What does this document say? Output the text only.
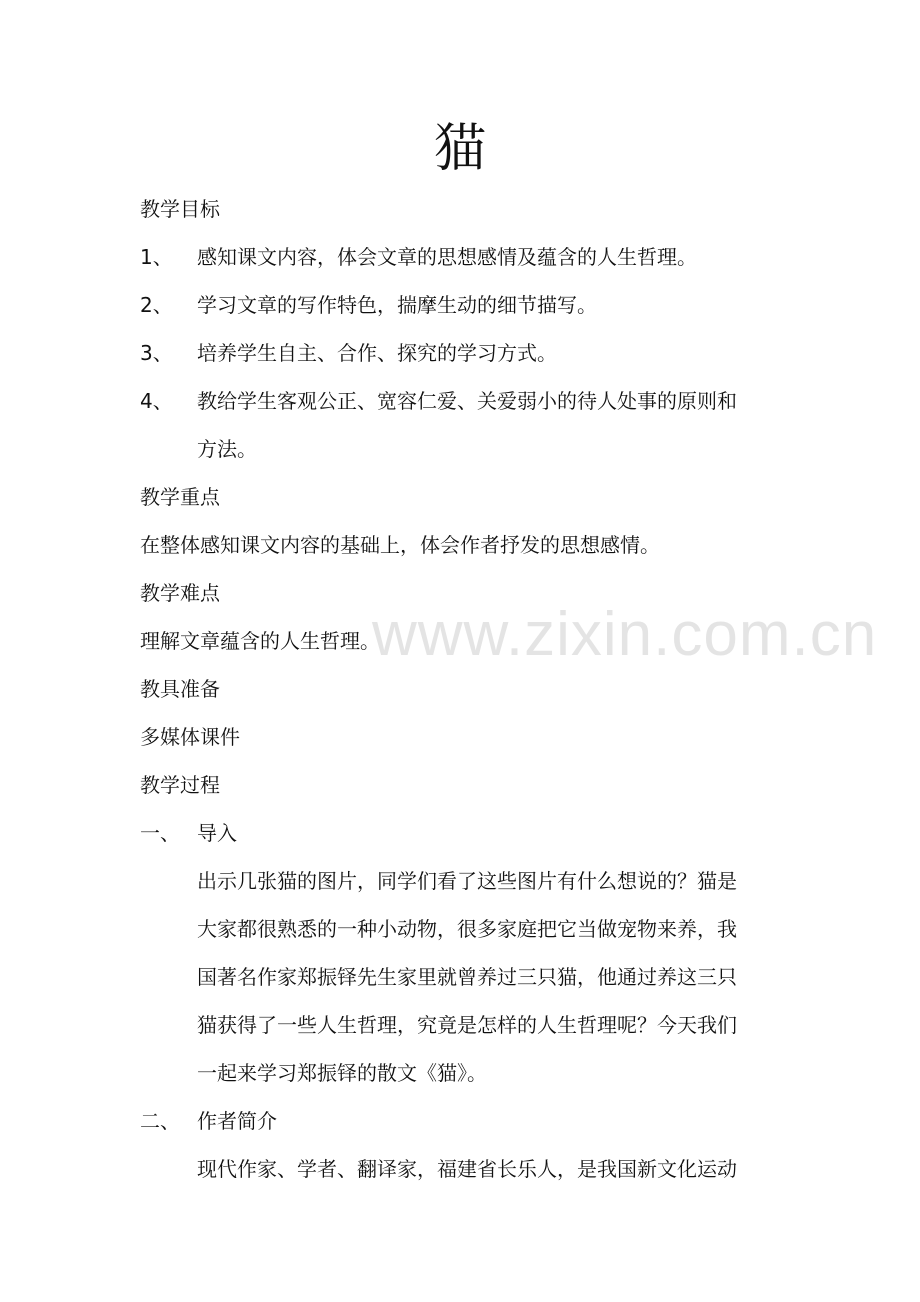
猫
教学目标
1、	感知课文内容，体会文章的思想感情及蕴含的人生哲理。
2、	学习文章的写作特色，揣摩生动的细节描写。
3、	培养学生自主、合作、探究的学习方式。
4、	教给学生客观公正、宽容仁爱、关爱弱小的待人处事的原则和
方法。
教学重点
在整体感知课文内容的基础上，体会作者抒发的思想感情。
教学难点
理解文章蕴含的人生哲理。
教具准备
多媒体课件
教学过程
一、 导入
出示几张猫的图片，同学们看了这些图片有什么想说的？猫是
大家都很熟悉的一种小动物，很多家庭把它当做宠物来养，我
国著名作家郑振铎先生家里就曾养过三只猫，他通过养这三只
猫获得了一些人生哲理，究竟是怎样的人生哲理呢？今天我们
一起来学习郑振铎的散文《猫》。
二、 作者简介
现代作家、学者、翻译家，福建省长乐人，是我国新文化运动
www.zixin.com.cn
